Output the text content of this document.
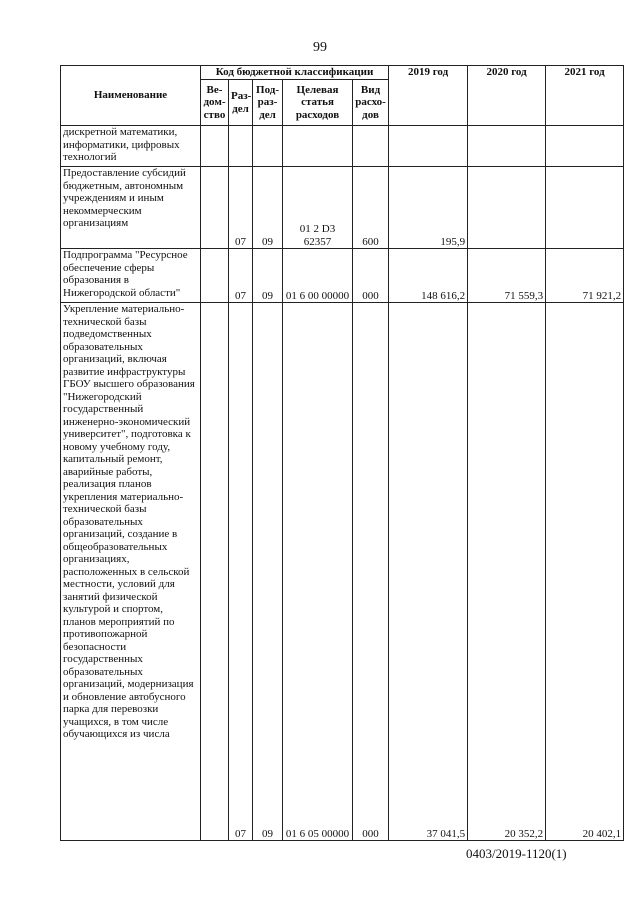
99
Наименование	Код бюджетной классификации					2019 год	2020 год	2021 год
	Ве-дом-ство	Раз-дел	Под-раз-дел	Целевая статья расходов	Вид расхо-дов			
дискретной математики, информатики, цифровых технологий								
Предоставление субсидий бюджетным, автономным учреждениям и иным некоммерческим организациям		07	09	01 2 D3 62357	600	195,9		
Подпрограмма "Ресурсное обеспечение сферы образования в Нижегородской области"		07	09	01 6 00 00000	000	148 616,2	71 559,3	71 921,2
Укрепление материально-технической базы подведомственных образовательных организаций, включая развитие инфраструктуры ГБОУ высшего образования "Нижегородский государственный инженерно-экономический университет", подготовка к новому учебному году, капитальный ремонт, аварийные работы, реализация планов укрепления материально-технической базы образовательных организаций, создание в общеобразовательных организациях, расположенных в сельской местности, условий для занятий физической культурой и спортом, планов мероприятий по противопожарной безопасности государственных образовательных организаций, модернизация и обновление автобусного парка для перевозки учащихся, в том числе обучающихся из числа		07	09	01 6 05 00000	000	37 041,5	20 352,2	20 402,1
0403/2019-1120(1)
